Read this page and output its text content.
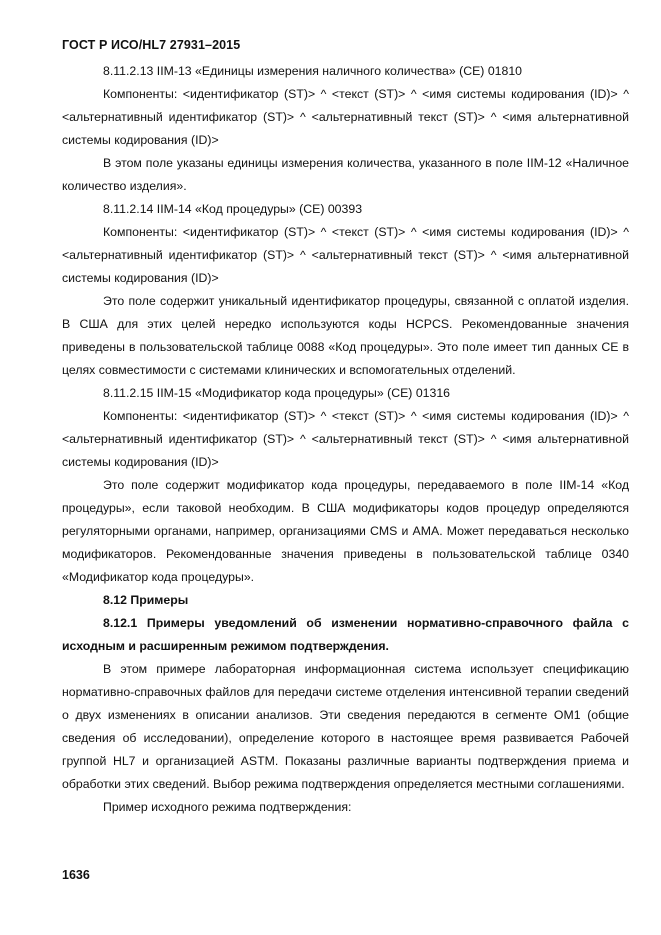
ГОСТ Р ИСО/HL7 27931–2015

8.11.2.13 IIM-13 «Единицы измерения наличного количества» (CE) 01810

Компоненты: <идентификатор (ST)> ^ <текст (ST)> ^ <имя системы кодирования (ID)> ^ <альтернативный идентификатор (ST)> ^ <альтернативный текст (ST)> ^ <имя альтернативной системы кодирования (ID)>

В этом поле указаны единицы измерения количества, указанного в поле IIM-12 «Наличное количество изделия».

8.11.2.14 IIM-14 «Код процедуры» (CE) 00393

Компоненты: <идентификатор (ST)> ^ <текст (ST)> ^ <имя системы кодирования (ID)> ^ <альтернативный идентификатор (ST)> ^ <альтернативный текст (ST)> ^ <имя альтернативной системы кодирования (ID)>

Это поле содержит уникальный идентификатор процедуры, связанной с оплатой изделия. В США для этих целей нередко используются коды HCPCS. Рекомендованные значения приведены в пользовательской таблице 0088 «Код процедуры». Это поле имеет тип данных CE в целях совместимости с системами клинических и вспомогательных отделений.

8.11.2.15 IIM-15 «Модификатор кода процедуры» (CE) 01316

Компоненты: <идентификатор (ST)> ^ <текст (ST)> ^ <имя системы кодирования (ID)> ^ <альтернативный идентификатор (ST)> ^ <альтернативный текст (ST)> ^ <имя альтернативной системы кодирования (ID)>

Это поле содержит модификатор кода процедуры, передаваемого в поле IIM-14 «Код процедуры», если таковой необходим. В США модификаторы кодов процедур определяются регуляторными органами, например, организациями CMS и AMA. Может передаваться несколько модификаторов. Рекомендованные значения приведены в пользовательской таблице 0340 «Модификатор кода процедуры».

8.12 Примеры

8.12.1 Примеры уведомлений об изменении нормативно-справочного файла с исходным и расширенным режимом подтверждения.

В этом примере лабораторная информационная система использует спецификацию нормативно-справочных файлов для передачи системе отделения интенсивной терапии сведений о двух изменениях в описании анализов. Эти сведения передаются в сегменте OM1 (общие сведения об исследовании), определение которого в настоящее время развивается Рабочей группой HL7 и организацией ASTM. Показаны различные варианты подтверждения приема и обработки этих сведений. Выбор режима подтверждения определяется местными соглашениями.

Пример исходного режима подтверждения:

1636
